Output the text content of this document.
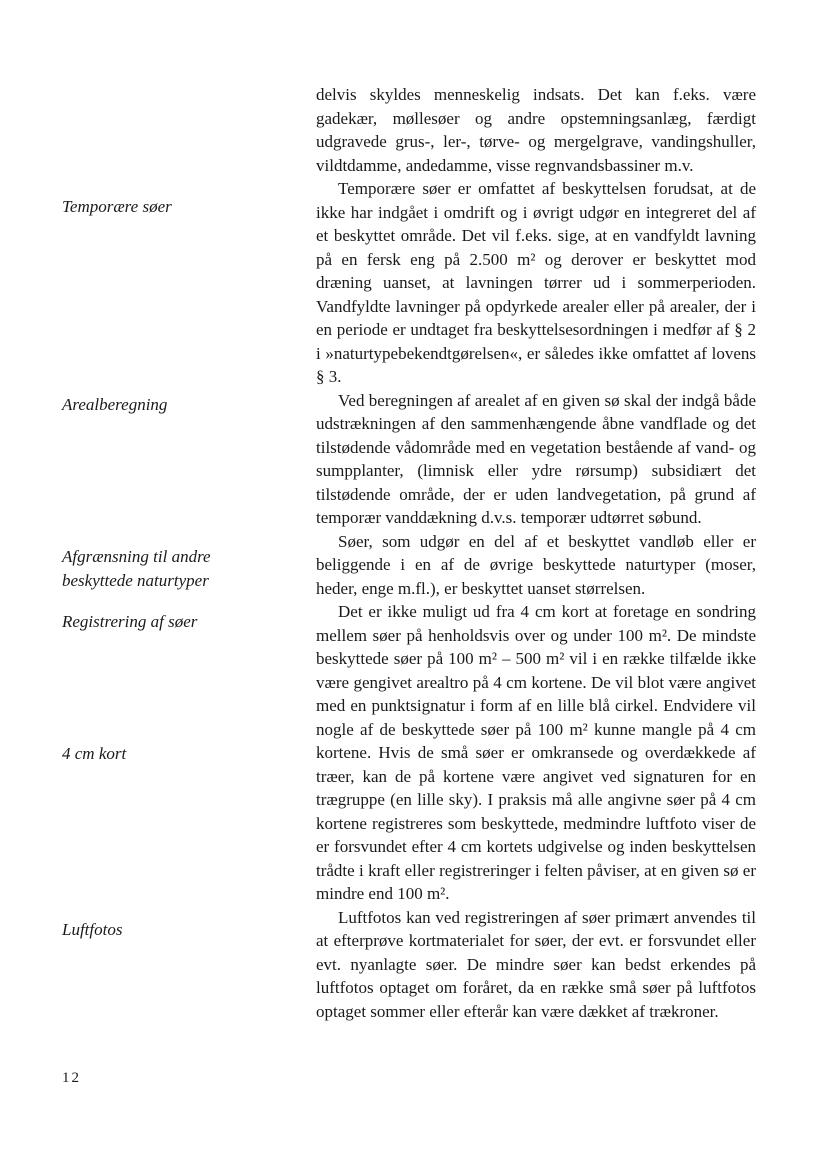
Temporære søer
Arealberegning
Afgrænsning til andre beskyttede naturtyper
Registrering af søer
4 cm kort
Luftfotos

delvis skyldes menneskelig indsats. Det kan f.eks. være gadekær, møllesøer og andre opstemningsanlæg, færdigt udgravede grus-, ler-, tørve- og mergelgrave, vandingshuller, vildtdamme, andedamme, visse regnvandsbassiner m.v.

Temporære søer er omfattet af beskyttelsen forudsat, at de ikke har indgået i omdrift og i øvrigt udgør en integreret del af et beskyttet område. Det vil f.eks. sige, at en vandfyldt lavning på en fersk eng på 2.500 m² og derover er beskyttet mod dræning uanset, at lavningen tørrer ud i sommerperioden. Vandfyldte lavninger på opdyrkede arealer eller på arealer, der i en periode er undtaget fra beskyttelsesordningen i medfør af § 2 i »naturtypebekendtgørelsen«, er således ikke omfattet af lovens § 3.

Ved beregningen af arealet af en given sø skal der indgå både udstrækningen af den sammenhængende åbne vandflade og det tilstødende vådområde med en vegetation bestående af vand- og sumpplanter, (limnisk eller ydre rørsump) subsidiært det tilstødende område, der er uden landvegetation, på grund af temporær vanddækning d.v.s. temporær udtørret søbund.

Søer, som udgør en del af et beskyttet vandløb eller er beliggende i en af de øvrige beskyttede naturtyper (moser, heder, enge m.fl.), er beskyttet uanset størrelsen.

Det er ikke muligt ud fra 4 cm kort at foretage en sondring mellem søer på henholdsvis over og under 100 m². De mindste beskyttede søer på 100 m² – 500 m² vil i en række tilfælde ikke være gengivet arealtro på 4 cm kortene. De vil blot være angivet med en punktsignatur i form af en lille blå cirkel. Endvidere vil nogle af de beskyttede søer på 100 m² kunne mangle på 4 cm kortene. Hvis de små søer er omkransede og overdækkede af træer, kan de på kortene være angivet ved signaturen for en trægruppe (en lille sky). I praksis må alle angivne søer på 4 cm kortene registreres som beskyttede, medmindre luftfoto viser de er forsvundet efter 4 cm kortets udgivelse og inden beskyttelsen trådte i kraft eller registreringer i felten påviser, at en given sø er mindre end 100 m².

Luftfotos kan ved registreringen af søer primært anvendes til at efterprøve kortmaterialet for søer, der evt. er forsvundet eller evt. nyanlagte søer. De mindre søer kan bedst erkendes på luftfotos optaget om foråret, da en række små søer på luftfotos optaget sommer eller efterår kan være dækket af trækroner.

12
